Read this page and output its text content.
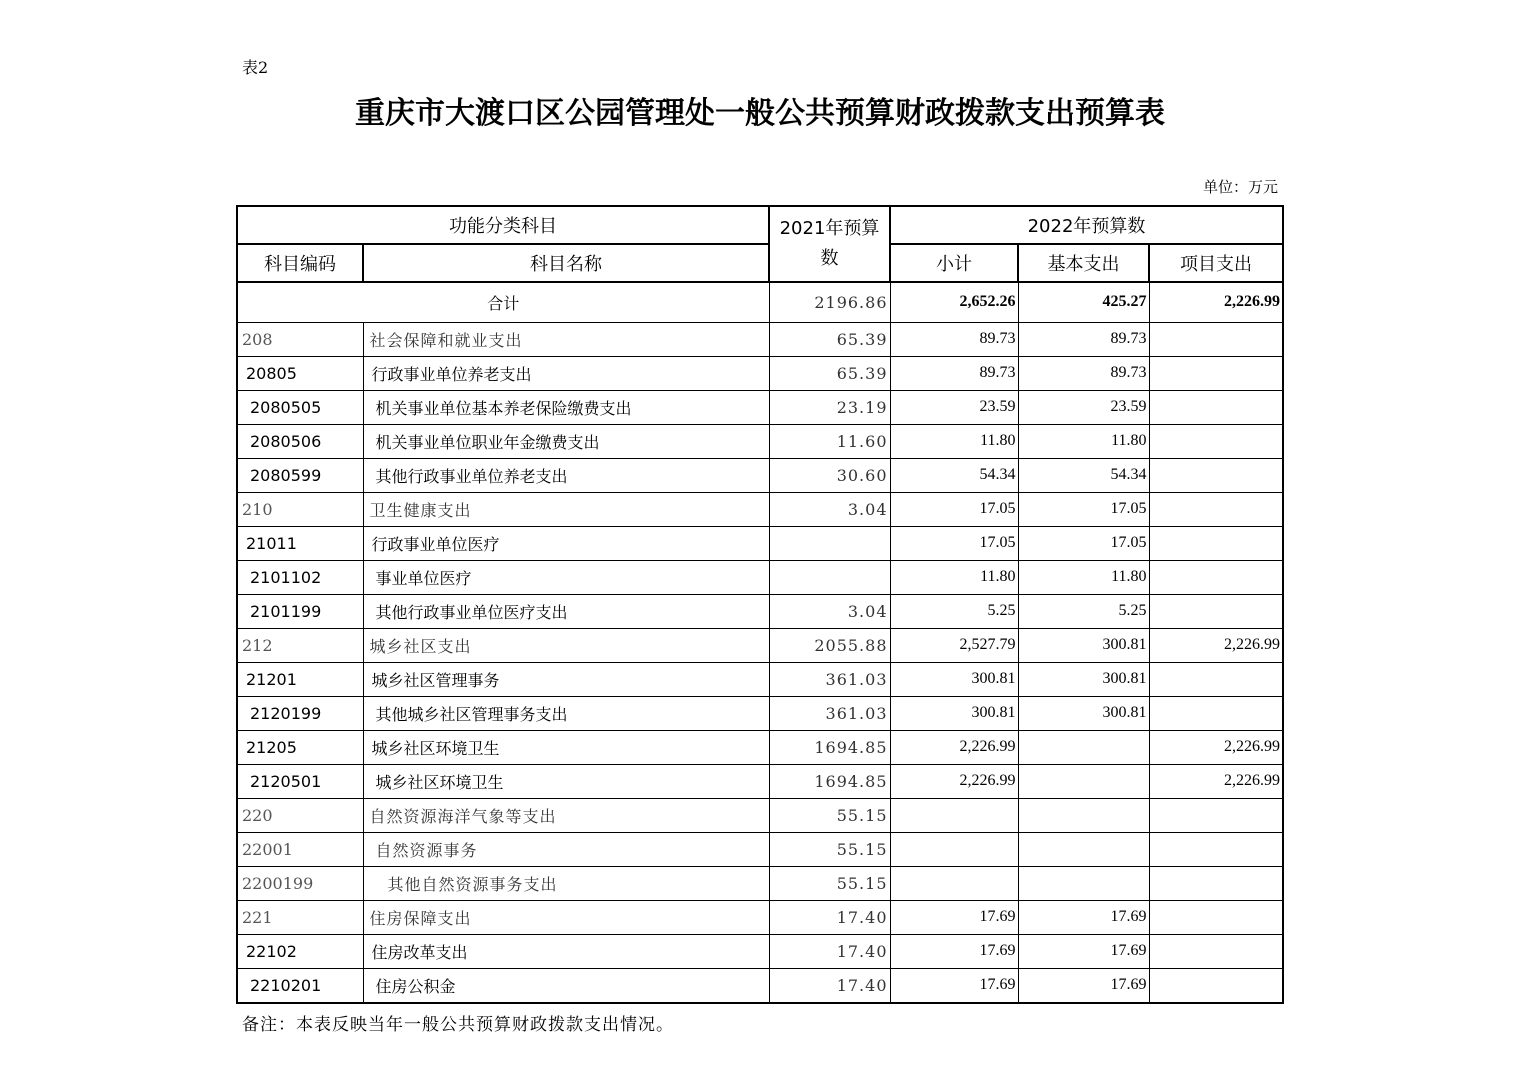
表2
重庆市大渡口区公园管理处一般公共预算财政拨款支出预算表
单位：万元
功能分类科目		2021年预算数	2022年预算数		
科目编码	科目名称		小计	基本支出	项目支出
合计		2196.86	2,652.26	425.27	2,226.99
208	社会保障和就业支出	65.39	89.73	89.73	
20805	行政事业单位养老支出	65.39	89.73	89.73	
2080505	机关事业单位基本养老保险缴费支出	23.19	23.59	23.59	
2080506	机关事业单位职业年金缴费支出	11.60	11.80	11.80	
2080599	其他行政事业单位养老支出	30.60	54.34	54.34	
210	卫生健康支出	3.04	17.05	17.05	
21011	行政事业单位医疗		17.05	17.05	
2101102	事业单位医疗		11.80	11.80	
2101199	其他行政事业单位医疗支出	3.04	5.25	5.25	
212	城乡社区支出	2055.88	2,527.79	300.81	2,226.99
21201	城乡社区管理事务	361.03	300.81	300.81	
2120199	其他城乡社区管理事务支出	361.03	300.81	300.81	
21205	城乡社区环境卫生	1694.85	2,226.99		2,226.99
2120501	城乡社区环境卫生	1694.85	2,226.99		2,226.99
220	自然资源海洋气象等支出	55.15			
22001	自然资源事务	55.15			
2200199	其他自然资源事务支出	55.15			
221	住房保障支出	17.40	17.69	17.69	
22102	住房改革支出	17.40	17.69	17.69	
2210201	住房公积金	17.40	17.69	17.69	
备注：本表反映当年一般公共预算财政拨款支出情况。
